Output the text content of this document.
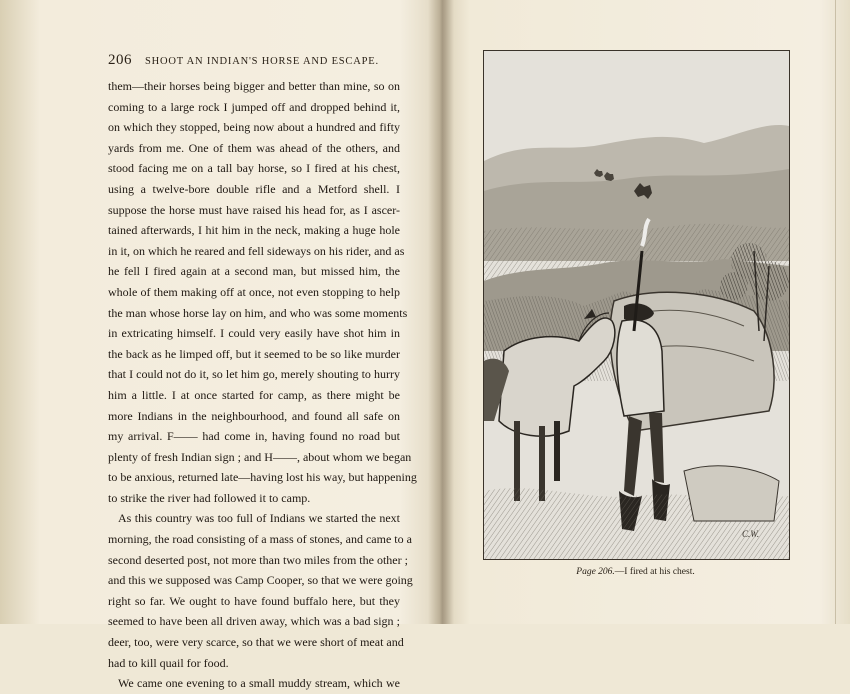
206 SHOOT AN INDIAN'S HORSE AND ESCAPE.
them—their horses being bigger and better than mine, so on
coming to a large rock I jumped off and dropped behind it,
on which they stopped, being now about a hundred and fifty
yards from me. One of them was ahead of the others, and
stood facing me on a tall bay horse, so I fired at his chest,
using a twelve-bore double rifle and a Metford shell. I
suppose the horse must have raised his head for, as I ascer-
tained afterwards, I hit him in the neck, making a huge hole
in it, on which he reared and fell sideways on his rider, and as
he fell I fired again at a second man, but missed him, the
whole of them making off at once, not even stopping to help
the man whose horse lay on him, and who was some moments
in extricating himself. I could very easily have shot him in
the back as he limped off, but it seemed to be so like murder
that I could not do it, so let him go, merely shouting to hurry
him a little. I at once started for camp, as there might be
more Indians in the neighbourhood, and found all safe on
my arrival. F—— had come in, having found no road but
plenty of fresh Indian sign ; and H——, about whom we began
to be anxious, returned late—having lost his way, but happening
to strike the river had followed it to camp.
As this country was too full of Indians we started the next
morning, the road consisting of a mass of stones, and came to a
second deserted post, not more than two miles from the other ;
and this we supposed was Camp Cooper, so that we were going
right so far. We ought to have found buffalo here, but they
seemed to have been all driven away, which was a bad sign ;
deer, too, were very scarce, so that we were short of meat and
had to kill quail for food.
We came one evening to a small muddy stream, which we
C.W.
Page 206.—I fired at his chest.
